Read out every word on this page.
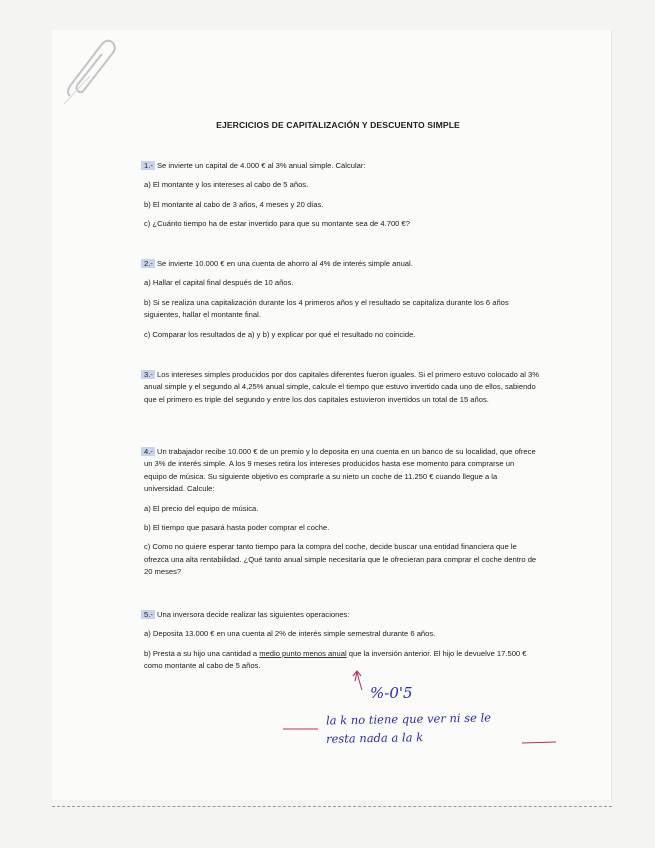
EJERCICIOS DE CAPITALIZACIÓN Y DESCUENTO SIMPLE

1.- Se invierte un capital de 4.000 € al 3% anual simple. Calcular:

a) El montante y los intereses al cabo de 5 años.

b) El montante al cabo de 3 años, 4 meses y 20 días.

c) ¿Cuánto tiempo ha de estar invertido para que su montante sea de 4.700 €?

2.- Se invierte 10.000 € en una cuenta de ahorro al 4% de interés simple anual.

a) Hallar el capital final después de 10 años.

b) Si se realiza una capitalización durante los 4 primeros años y el resultado se capitaliza durante los 6 años siguientes, hallar el montante final.

c) Comparar los resultados de a) y b) y explicar por qué el resultado no coincide.

3.- Los intereses simples producidos por dos capitales diferentes fueron iguales. Si el primero estuvo colocado al 3% anual simple y el segundo al 4,25% anual simple, calcule el tiempo que estuvo invertido cada uno de ellos, sabiendo que el primero es triple del segundo y entre los dos capitales estuvieron invertidos un total de 15 años.

4.- Un trabajador recibe 10.000 € de un premio y lo deposita en una cuenta en un banco de su localidad, que ofrece un 3% de interés simple. A los 9 meses retira los intereses producidos hasta ese momento para comprarse un equipo de música. Su siguiente objetivo es comprarle a su nieto un coche de 11.250 € cuando llegue a la universidad. Calcule:

a) El precio del equipo de música.

b) El tiempo que pasará hasta poder comprar el coche.

c) Como no quiere esperar tanto tiempo para la compra del coche, decide buscar una entidad financiera que le ofrezca una alta rentabilidad. ¿Qué tanto anual simple necesitaría que le ofrecieran para comprar el coche dentro de 20 meses?

5.- Una inversora decide realizar las siguientes operaciones:

a) Deposita 13.000 € en una cuenta al 2% de interés simple semestral durante 6 años.

b) Presta a su hijo una cantidad a medio punto menos anual que la inversión anterior. El hijo le devuelve 17.500 € como montante al cabo de 5 años.

%-0'5
la k no tiene que ver ni se le
resta nada a la k
